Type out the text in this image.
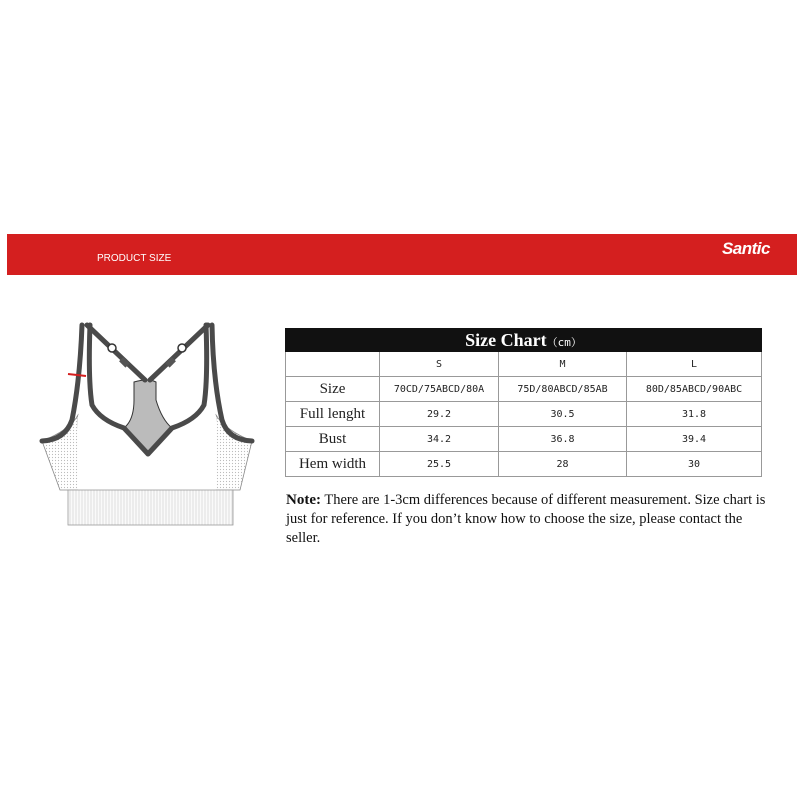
PRODUCT SIZE
Santic
Size Chart（cm）			
	S	M	L
Size	70CD/75ABCD/80A	75D/80ABCD/85AB	80D/85ABCD/90ABC
Full lenght	29.2	30.5	31.8
Bust	34.2	36.8	39.4
Hem width	25.5	28	30
Note: There are 1-3cm differences because of different measurement. Size chart is just for reference. If you don’t know how to choose the size, please contact the seller.
